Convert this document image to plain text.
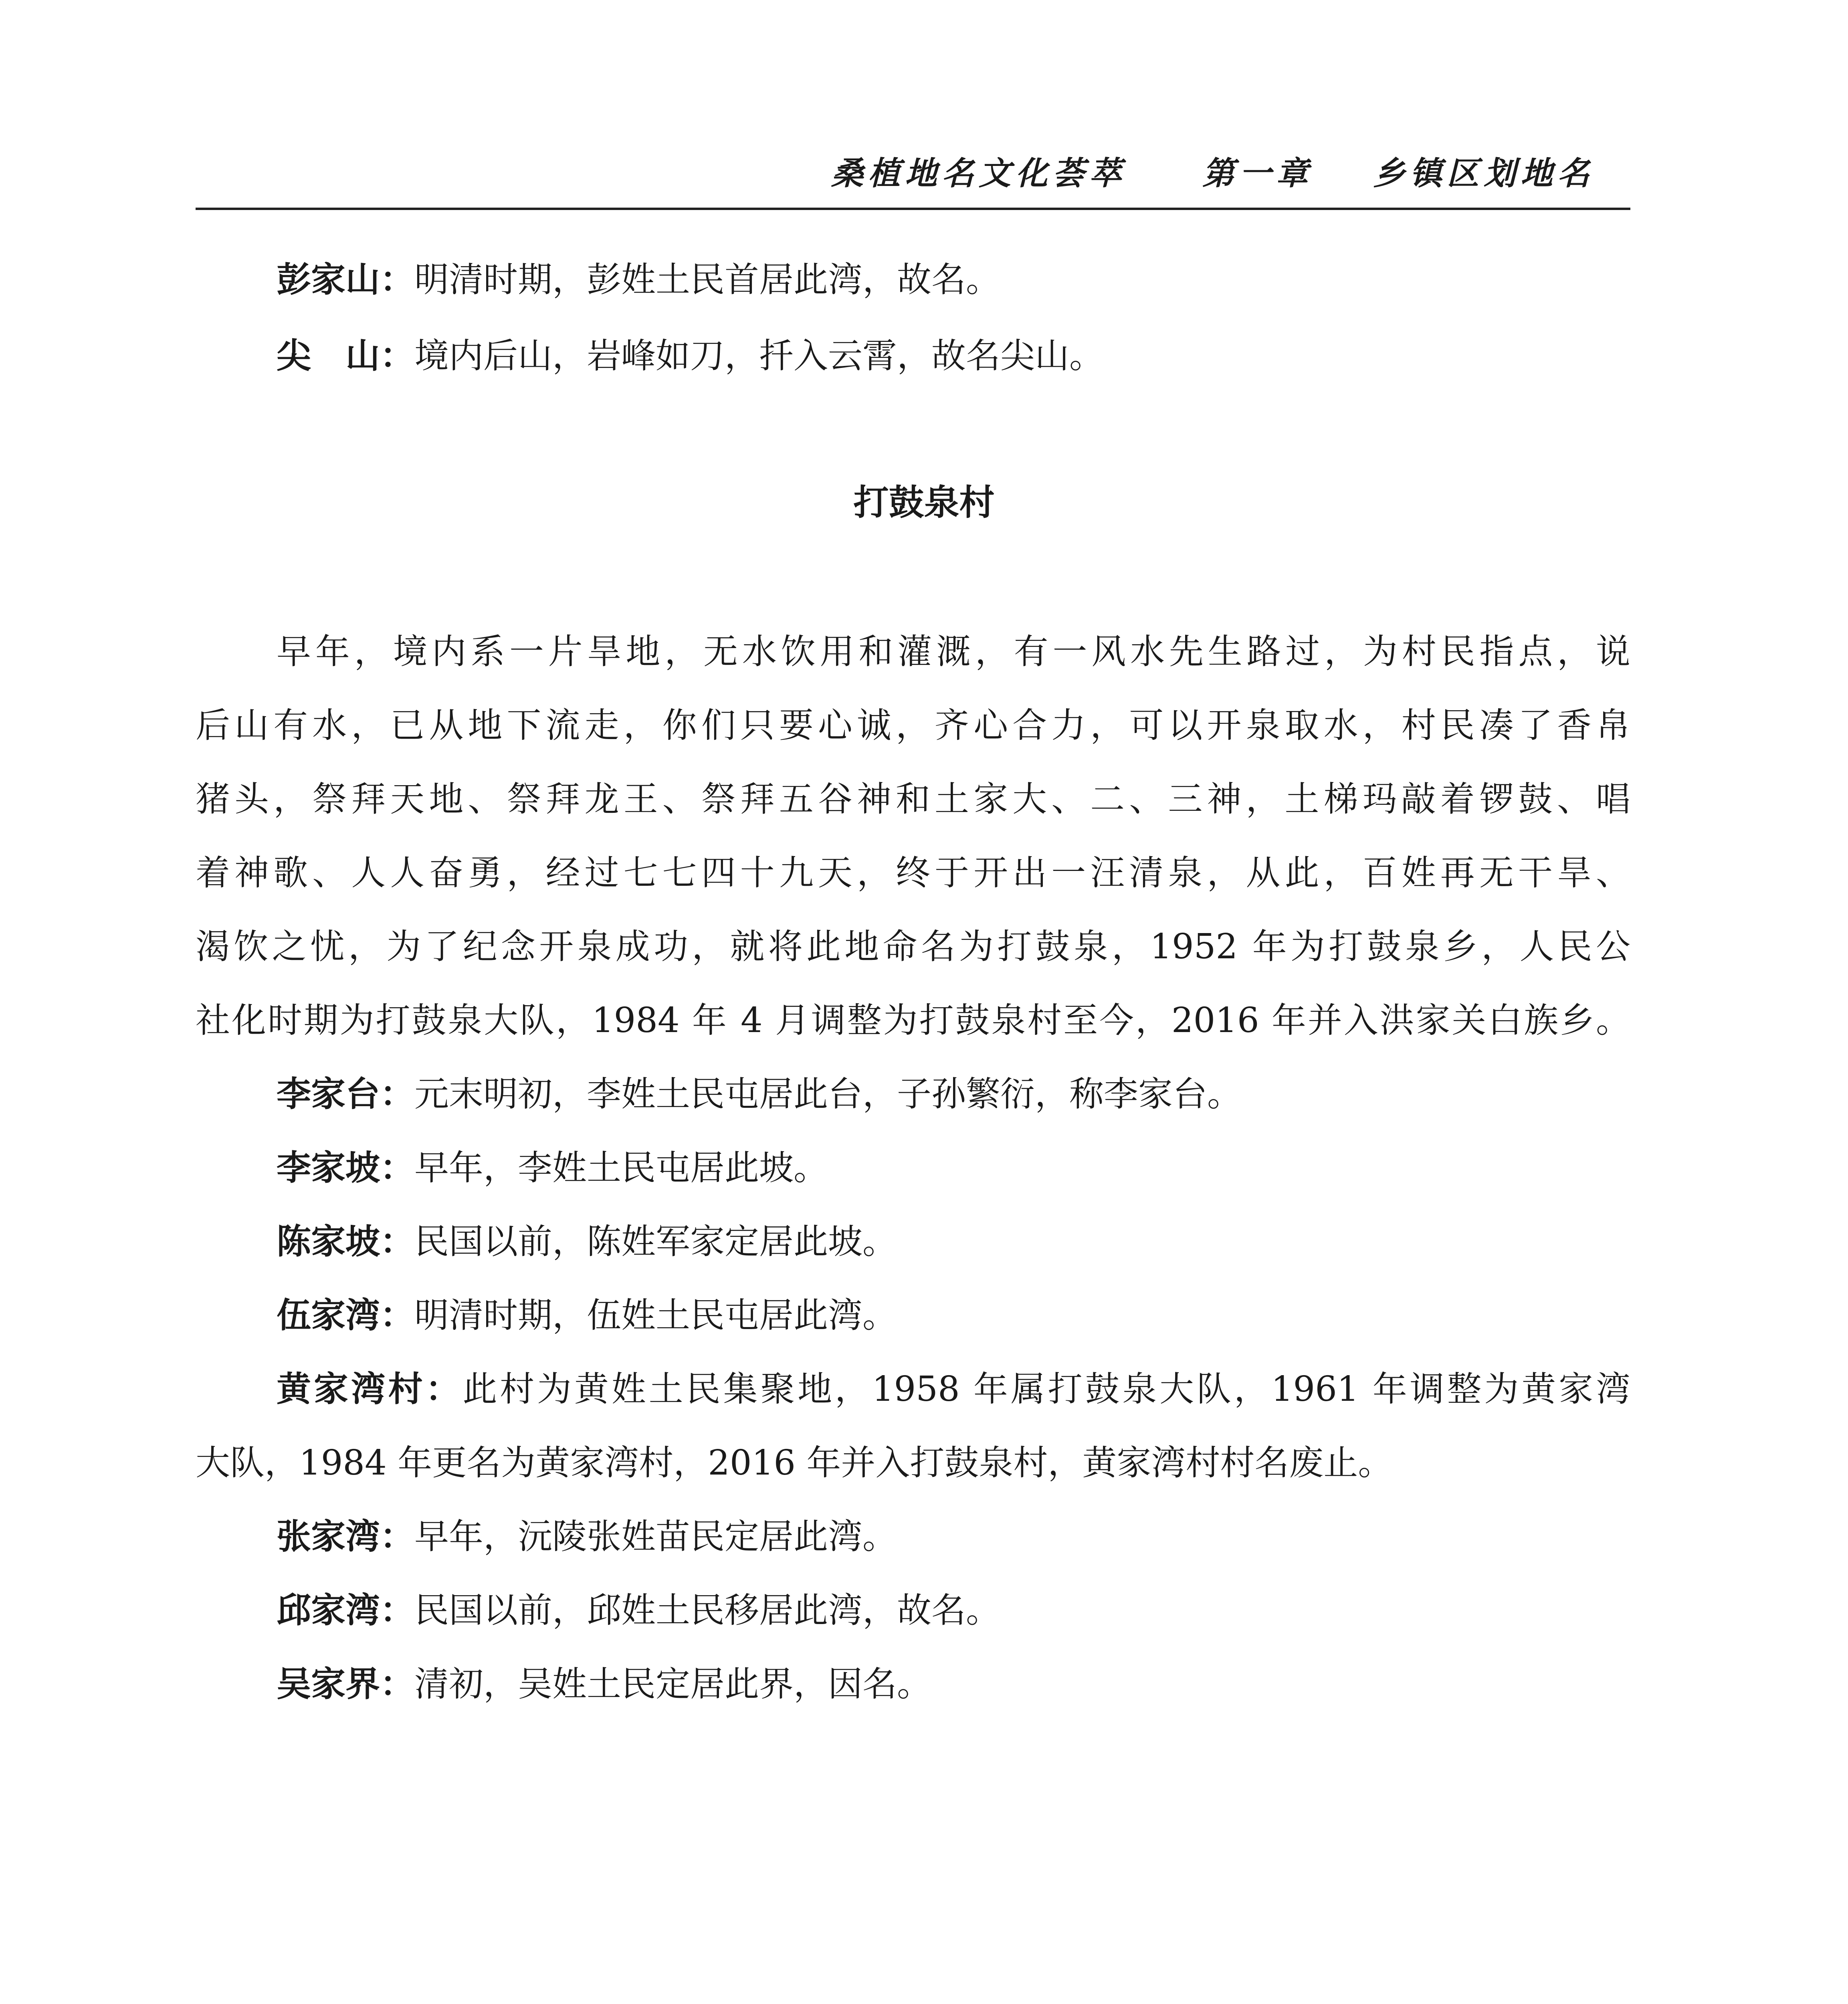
桑植地名文化荟萃 第一章 乡镇区划地名
彭家山：明清时期，彭姓土民首居此湾，故名。
尖　山：境内后山，岩峰如刀，扦入云霄，故名尖山。
打鼓泉村
早年，境内系一片旱地，无水饮用和灌溉，有一风水先生路过，为村民指点，说
后山有水，已从地下流走，你们只要心诚，齐心合力，可以开泉取水，村民凑了香帛
猪头，祭拜天地、祭拜龙王、祭拜五谷神和土家大、二、三神，土梯玛敲着锣鼓、唱
着神歌、人人奋勇，经过七七四十九天，终于开出一汪清泉，从此，百姓再无干旱、
渴饮之忧，为了纪念开泉成功，就将此地命名为打鼓泉，1952 年为打鼓泉乡，人民公
社化时期为打鼓泉大队，1984 年 4 月调整为打鼓泉村至今，2016 年并入洪家关白族乡。
李家台：元末明初，李姓土民屯居此台，子孙繁衍，称李家台。
李家坡：早年，李姓土民屯居此坡。
陈家坡：民国以前，陈姓军家定居此坡。
伍家湾：明清时期，伍姓土民屯居此湾。
黄家湾村：此村为黄姓土民集聚地，1958 年属打鼓泉大队，1961 年调整为黄家湾
大队，1984 年更名为黄家湾村，2016 年并入打鼓泉村，黄家湾村村名废止。
张家湾：早年，沅陵张姓苗民定居此湾。
邱家湾：民国以前，邱姓土民移居此湾，故名。
吴家界：清初，吴姓土民定居此界，因名。
